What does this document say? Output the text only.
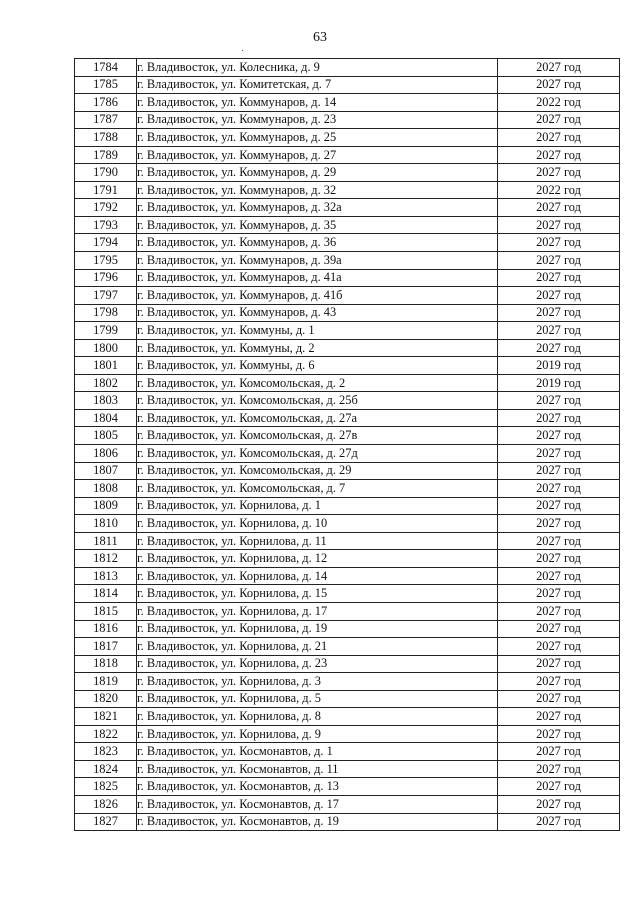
63
1784	г. Владивосток, ул. Колесника, д. 9	2027 год
1785	г. Владивосток, ул. Комитетская, д. 7	2027 год
1786	г. Владивосток, ул. Коммунаров, д. 14	2022 год
1787	г. Владивосток, ул. Коммунаров, д. 23	2027 год
1788	г. Владивосток, ул. Коммунаров, д. 25	2027 год
1789	г. Владивосток, ул. Коммунаров, д. 27	2027 год
1790	г. Владивосток, ул. Коммунаров, д. 29	2027 год
1791	г. Владивосток, ул. Коммунаров, д. 32	2022 год
1792	г. Владивосток, ул. Коммунаров, д. 32а	2027 год
1793	г. Владивосток, ул. Коммунаров, д. 35	2027 год
1794	г. Владивосток, ул. Коммунаров, д. 36	2027 год
1795	г. Владивосток, ул. Коммунаров, д. 39а	2027 год
1796	г. Владивосток, ул. Коммунаров, д. 41а	2027 год
1797	г. Владивосток, ул. Коммунаров, д. 41б	2027 год
1798	г. Владивосток, ул. Коммунаров, д. 43	2027 год
1799	г. Владивосток, ул. Коммуны, д. 1	2027 год
1800	г. Владивосток, ул. Коммуны, д. 2	2027 год
1801	г. Владивосток, ул. Коммуны, д. 6	2019 год
1802	г. Владивосток, ул. Комсомольская, д. 2	2019 год
1803	г. Владивосток, ул. Комсомольская, д. 25б	2027 год
1804	г. Владивосток, ул. Комсомольская, д. 27а	2027 год
1805	г. Владивосток, ул. Комсомольская, д. 27в	2027 год
1806	г. Владивосток, ул. Комсомольская, д. 27д	2027 год
1807	г. Владивосток, ул. Комсомольская, д. 29	2027 год
1808	г. Владивосток, ул. Комсомольская, д. 7	2027 год
1809	г. Владивосток, ул. Корнилова, д. 1	2027 год
1810	г. Владивосток, ул. Корнилова, д. 10	2027 год
1811	г. Владивосток, ул. Корнилова, д. 11	2027 год
1812	г. Владивосток, ул. Корнилова, д. 12	2027 год
1813	г. Владивосток, ул. Корнилова, д. 14	2027 год
1814	г. Владивосток, ул. Корнилова, д. 15	2027 год
1815	г. Владивосток, ул. Корнилова, д. 17	2027 год
1816	г. Владивосток, ул. Корнилова, д. 19	2027 год
1817	г. Владивосток, ул. Корнилова, д. 21	2027 год
1818	г. Владивосток, ул. Корнилова, д. 23	2027 год
1819	г. Владивосток, ул. Корнилова, д. 3	2027 год
1820	г. Владивосток, ул. Корнилова, д. 5	2027 год
1821	г. Владивосток, ул. Корнилова, д. 8	2027 год
1822	г. Владивосток, ул. Корнилова, д. 9	2027 год
1823	г. Владивосток, ул. Космонавтов, д. 1	2027 год
1824	г. Владивосток, ул. Космонавтов, д. 11	2027 год
1825	г. Владивосток, ул. Космонавтов, д. 13	2027 год
1826	г. Владивосток, ул. Космонавтов, д. 17	2027 год
1827	г. Владивосток, ул. Космонавтов, д. 19	2027 год
